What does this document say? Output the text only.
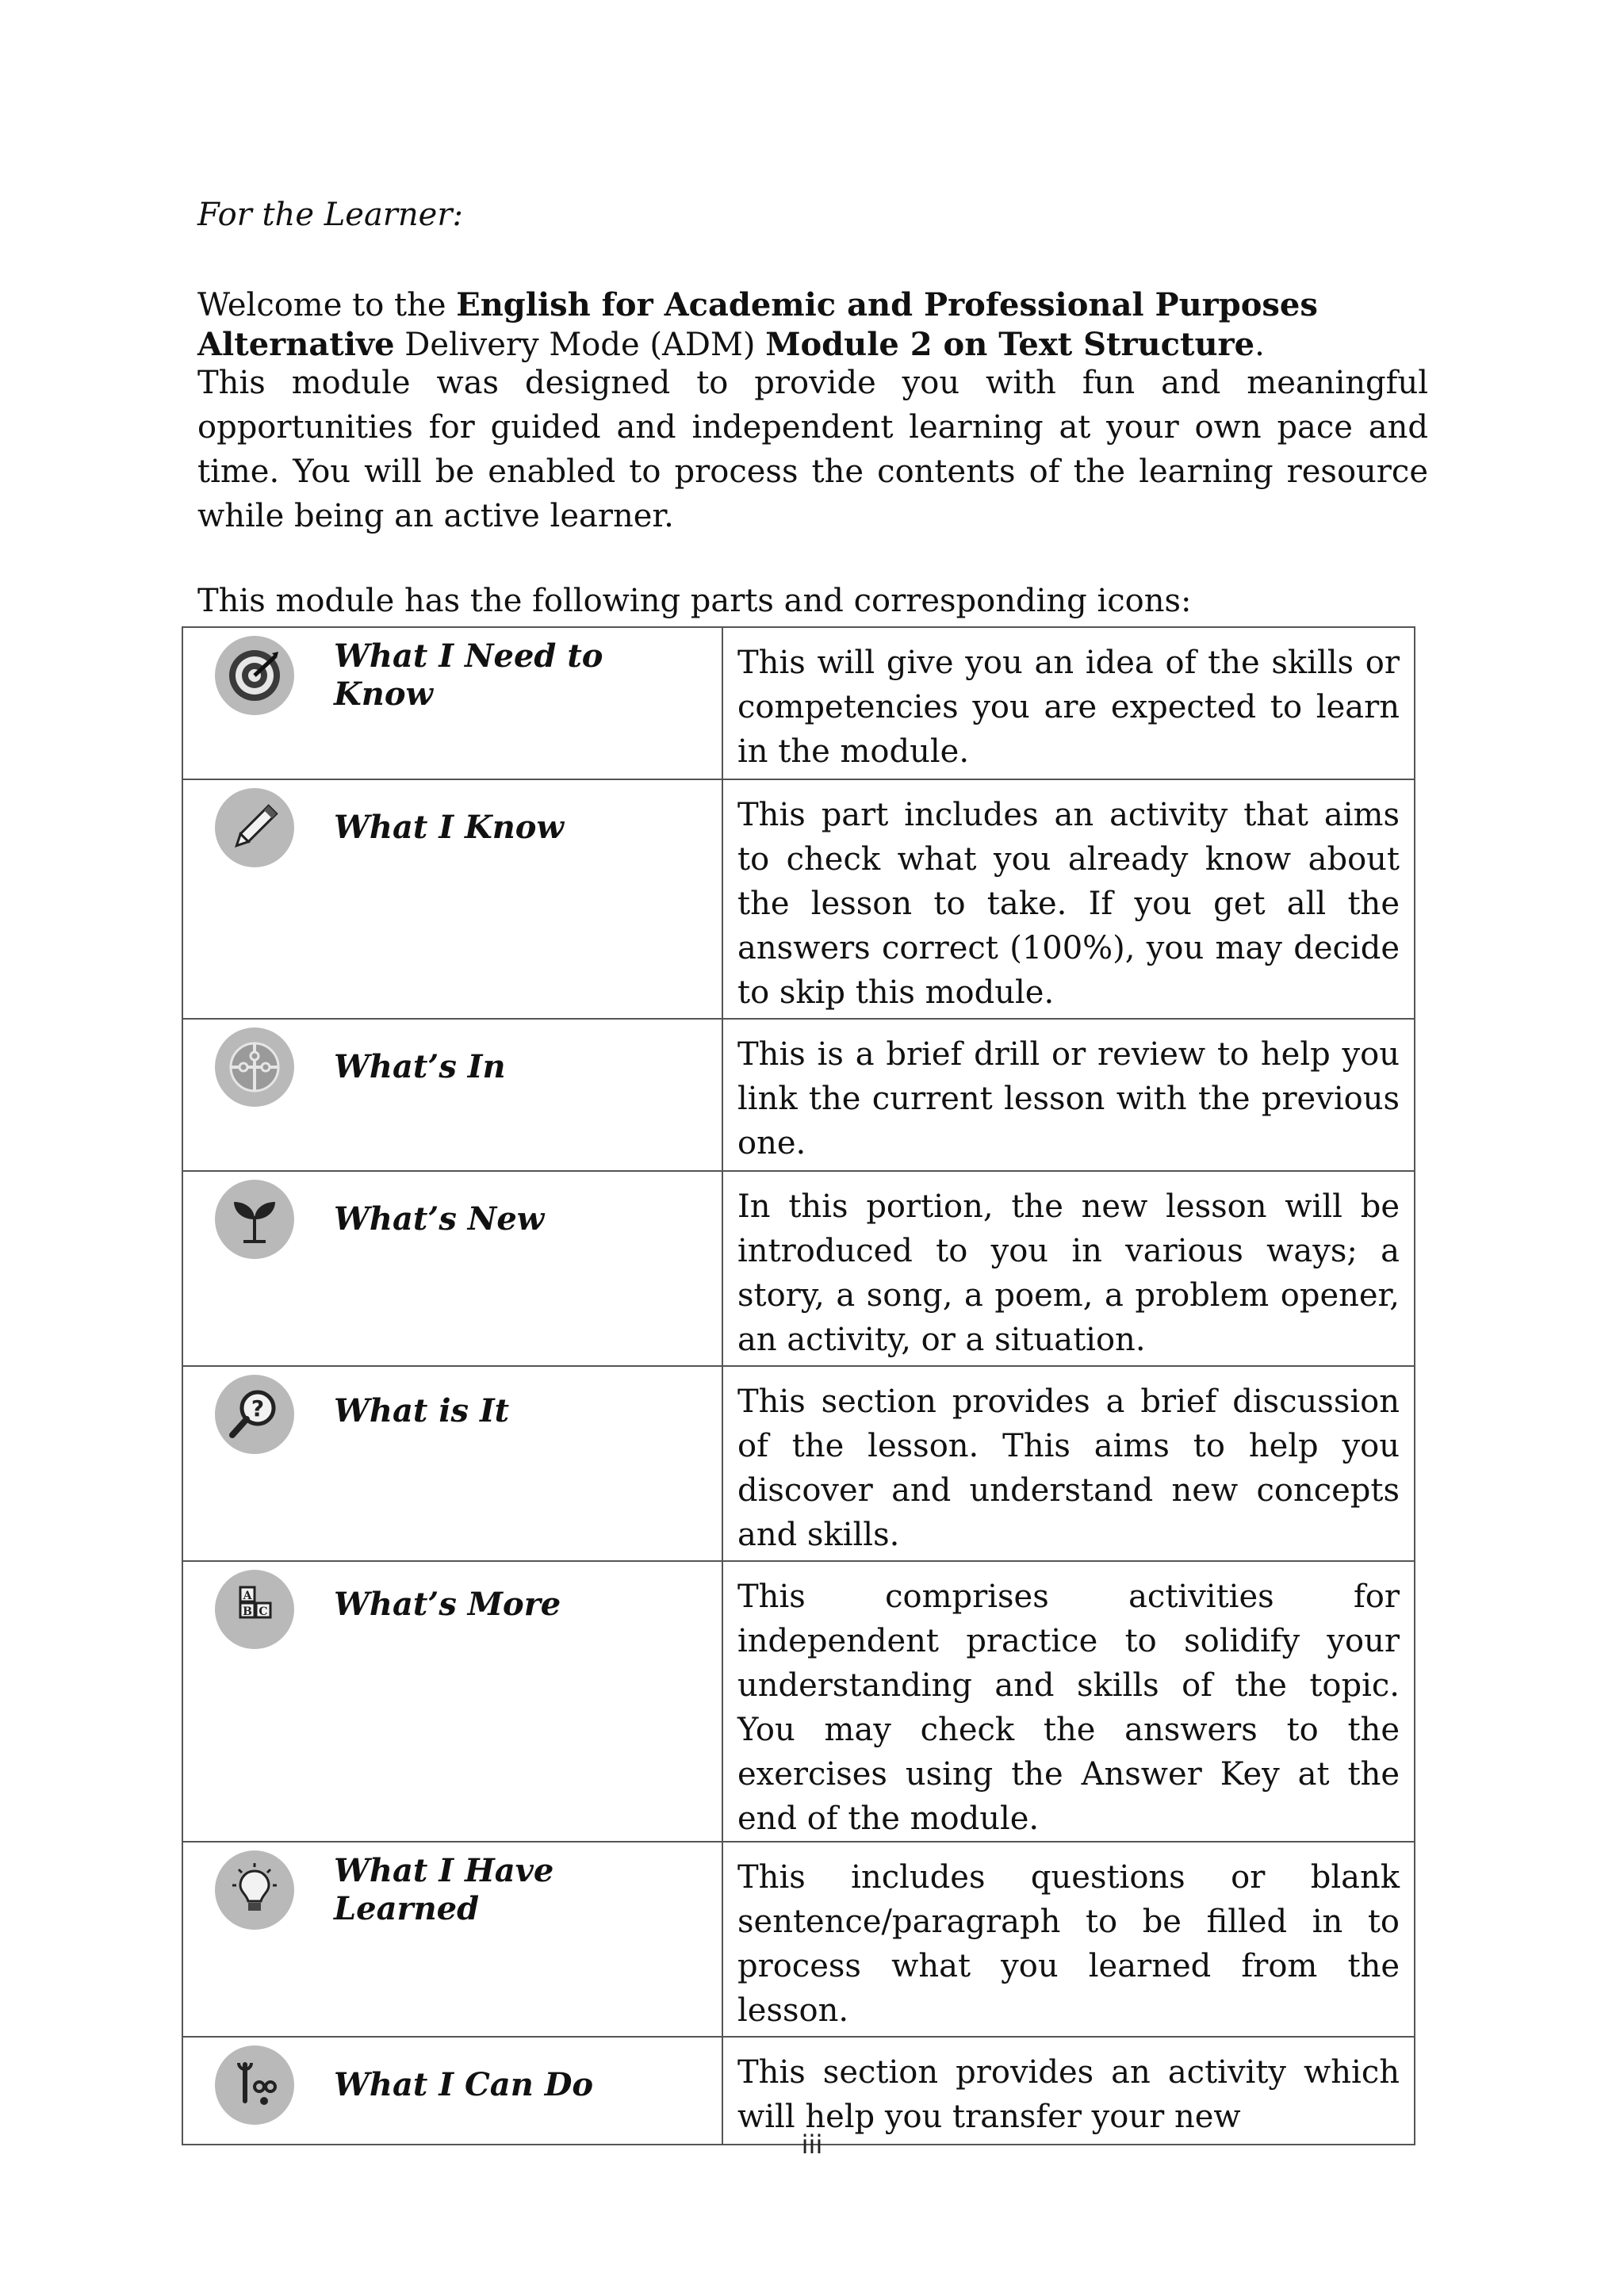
For the Learner:

Welcome to the English for Academic and Professional Purposes Alternative Delivery Mode (ADM) Module 2 on Text Structure.

This module was designed to provide you with fun and meaningful opportunities for guided and independent learning at your own pace and time. You will be enabled to process the contents of the learning resource while being an active learner.

This module has the following parts and corresponding icons:

What I Need to Know	This will give you an idea of the skills or competencies you are expected to learn in the module.

What I Know	This part includes an activity that aims to check what you already know about the lesson to take. If you get all the answers correct (100%), you may decide to skip this module.

What’s In	This is a brief drill or review to help you link the current lesson with the previous one.

What’s New	In this portion, the new lesson will be introduced to you in various ways; a story, a song, a poem, a problem opener, an activity, or a situation.

? What is It	This section provides a brief discussion of the lesson. This aims to help you discover and understand new concepts and skills.

A
B C What’s More	This comprises activities for independent practice to solidify your understanding and skills of the topic. You may check the answers to the exercises using the Answer Key at the end of the module.

What I Have Learned	This includes questions or blank sentence/paragraph to be filled in to process what you learned from the lesson.

What I Can Do	This section provides an activity which will help you transfer your new

iii
